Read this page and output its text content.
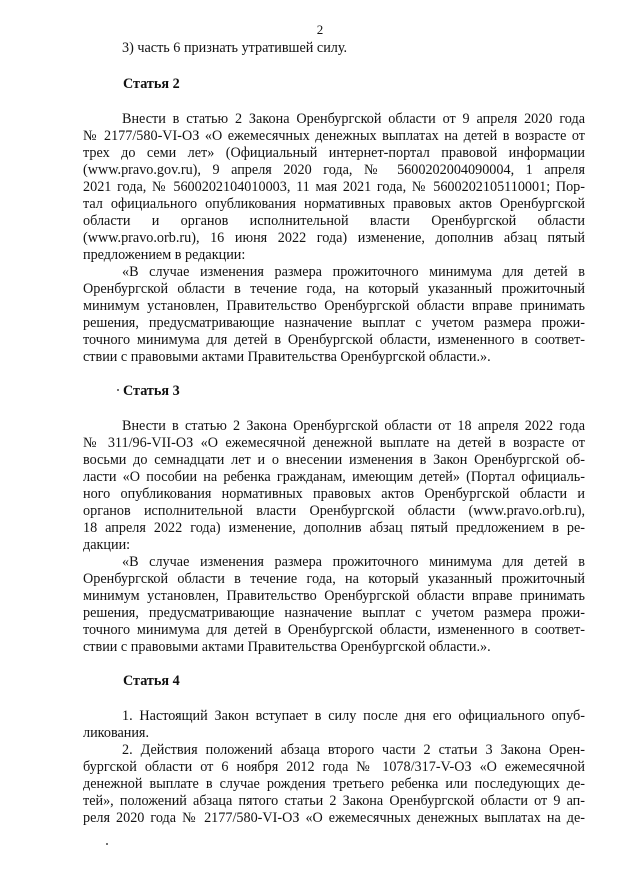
2
3) часть 6 признать утратившей силу.
Статья 2
Внести в статью 2 Закона Оренбургской области от 9 апреля 2020 года
№ 2177/580-VI-ОЗ «О ежемесячных денежных выплатах на детей в возрасте от
трех до семи лет» (Официальный интернет-портал правовой информации
(www.pravo.gov.ru), 9 апреля 2020 года, № 5600202004090004, 1 апреля
2021 года, № 5600202104010003, 11 мая 2021 года, № 5600202105110001; Пор-
тал официального опубликования нормативных правовых актов Оренбургской
области и органов исполнительной власти Оренбургской области
(www.pravo.orb.ru), 16 июня 2022 года) изменение, дополнив абзац пятый
предложением в редакции:
«В случае изменения размера прожиточного минимума для детей в
Оренбургской области в течение года, на который указанный прожиточный
минимум установлен, Правительство Оренбургской области вправе принимать
решения, предусматривающие назначение выплат с учетом размера прожи-
точного минимума для детей в Оренбургской области, измененного в соответ-
ствии с правовыми актами Правительства Оренбургской области.».
Статья 3
Внести в статью 2 Закона Оренбургской области от 18 апреля 2022 года
№ 311/96-VII-ОЗ «О ежемесячной денежной выплате на детей в возрасте от
восьми до семнадцати лет и о внесении изменения в Закон Оренбургской об-
ласти «О пособии на ребенка гражданам, имеющим детей» (Портал официаль-
ного опубликования нормативных правовых актов Оренбургской области и
органов исполнительной власти Оренбургской области (www.pravo.orb.ru),
18 апреля 2022 года) изменение, дополнив абзац пятый предложением в ре-
дакции:
«В случае изменения размера прожиточного минимума для детей в
Оренбургской области в течение года, на который указанный прожиточный
минимум установлен, Правительство Оренбургской области вправе принимать
решения, предусматривающие назначение выплат с учетом размера прожи-
точного минимума для детей в Оренбургской области, измененного в соответ-
ствии с правовыми актами Правительства Оренбургской области.».
Статья 4
1. Настоящий Закон вступает в силу после дня его официального опуб-
ликования.
2. Действия положений абзаца второго части 2 статьи 3 Закона Орен-
бургской области от 6 ноября 2012 года № 1078/317-V-ОЗ «О ежемесячной
денежной выплате в случае рождения третьего ребенка или последующих де-
тей», положений абзаца пятого статьи 2 Закона Оренбургской области от 9 ап-
реля 2020 года № 2177/580-VI-ОЗ «О ежемесячных денежных выплатах на де-
